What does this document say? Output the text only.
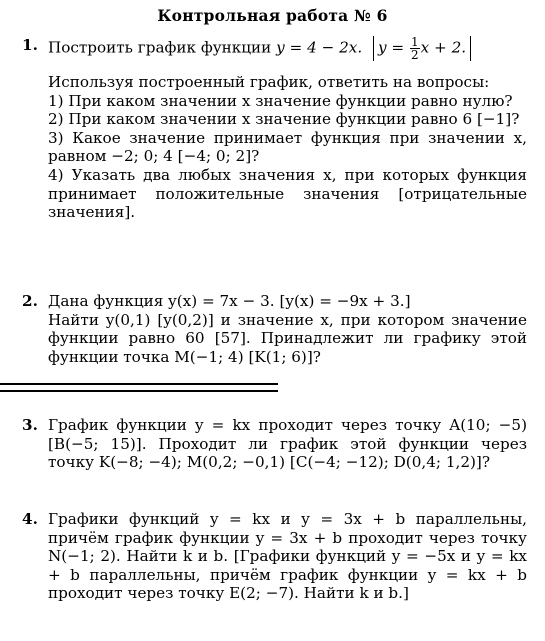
Контрольная работа № 6
1. Построить график функции y = 4 − 2x. $y = \frac{1}{2}$ x + 2.

Используя построенный график, ответить на вопросы:

1) При каком значении x значение функции равно нулю?

2) При каком значении x значение функции равно 6 [−1]?

3) Какое значение принимает функция при значении x, равном −2; 0; 4 [−4; 0; 2]?

4) Указать два любых значения x, при которых функция принимает положительные значения [отрицательные значения].

2. Дана функция y(x) = 7x − 3. [y(x) = −9x + 3.]

Найти y(0,1) [y(0,2)] и значение x, при котором значение функции равно 60 [57]. Принадлежит ли графику этой функции точка M(−1; 4) [K(1; 6)]?

3. График функции y = kx проходит через точку A(10; −5) [B(−5; 15)]. Проходит ли график этой функции через точку K(−8; −4); M(0,2; −0,1) [C(−4; −12); D(0,4; 1,2)]?

4. Графики функций y = kx и y = 3x + b параллельны, причём график функции y = 3x + b проходит через точку N(−1; 2). Найти k и b. [Графики функций y = −5x и y = kx + b параллельны, причём график функции y = kx + b проходит через точку E(2; −7). Найти k и b.]
